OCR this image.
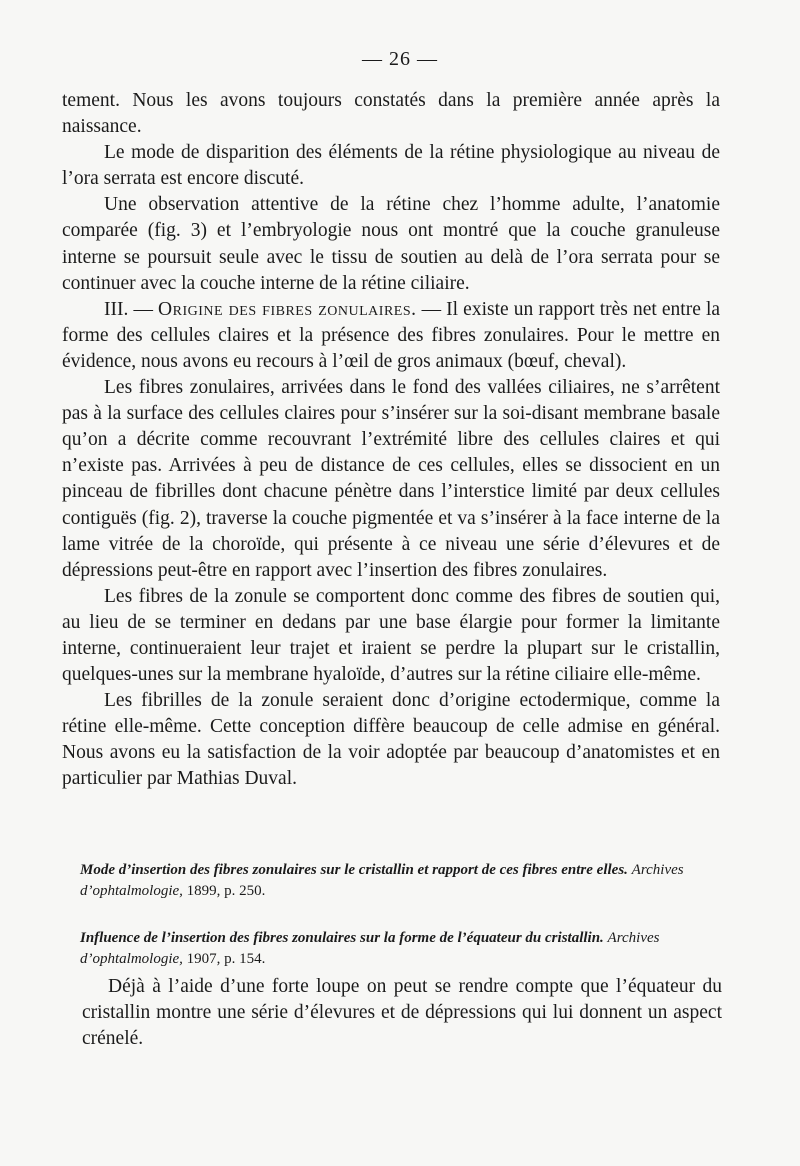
— 26 —

tement. Nous les avons toujours constatés dans la première année après la naissance.

Le mode de disparition des éléments de la rétine physiologique au niveau de l’ora serrata est encore discuté.

Une observation attentive de la rétine chez l’homme adulte, l’anatomie comparée (fig. 3) et l’embryologie nous ont montré que la couche granuleuse interne se poursuit seule avec le tissu de soutien au delà de l’ora serrata pour se continuer avec la couche interne de la rétine ciliaire.

III. — Origine des fibres zonulaires. — Il existe un rapport très net entre la forme des cellules claires et la présence des fibres zonulaires. Pour le mettre en évidence, nous avons eu recours à l’œil de gros animaux (bœuf, cheval).

Les fibres zonulaires, arrivées dans le fond des vallées ciliaires, ne s’arrêtent pas à la surface des cellules claires pour s’insérer sur la soi-disant membrane basale qu’on a décrite comme recouvrant l’extrémité libre des cellules claires et qui n’existe pas. Arrivées à peu de distance de ces cellules, elles se dissocient en un pinceau de fibrilles dont chacune pénètre dans l’interstice limité par deux cellules contiguës (fig. 2), traverse la couche pigmentée et va s’insérer à la face interne de la lame vitrée de la choroïde, qui présente à ce niveau une série d’élevures et de dépressions peut-être en rapport avec l’insertion des fibres zonulaires.

Les fibres de la zonule se comportent donc comme des fibres de soutien qui, au lieu de se terminer en dedans par une base élargie pour former la limitante interne, continueraient leur trajet et iraient se perdre la plupart sur le cristallin, quelques-unes sur la membrane hyaloïde, d’autres sur la rétine ciliaire elle-même.

Les fibrilles de la zonule seraient donc d’origine ectodermique, comme la rétine elle-même. Cette conception diffère beaucoup de celle admise en général. Nous avons eu la satisfaction de la voir adoptée par beaucoup d’anatomistes et en particulier par Mathias Duval.

Mode d’insertion des fibres zonulaires sur le cristallin et rapport de ces fibres entre elles. Archives d’ophtalmologie, 1899, p. 250.

Influence de l’insertion des fibres zonulaires sur la forme de l’équateur du cristallin. Archives d’ophtalmologie, 1907, p. 154.

Déjà à l’aide d’une forte loupe on peut se rendre compte que l’équateur du cristallin montre une série d’élevures et de dépressions qui lui donnent un aspect crénelé.
